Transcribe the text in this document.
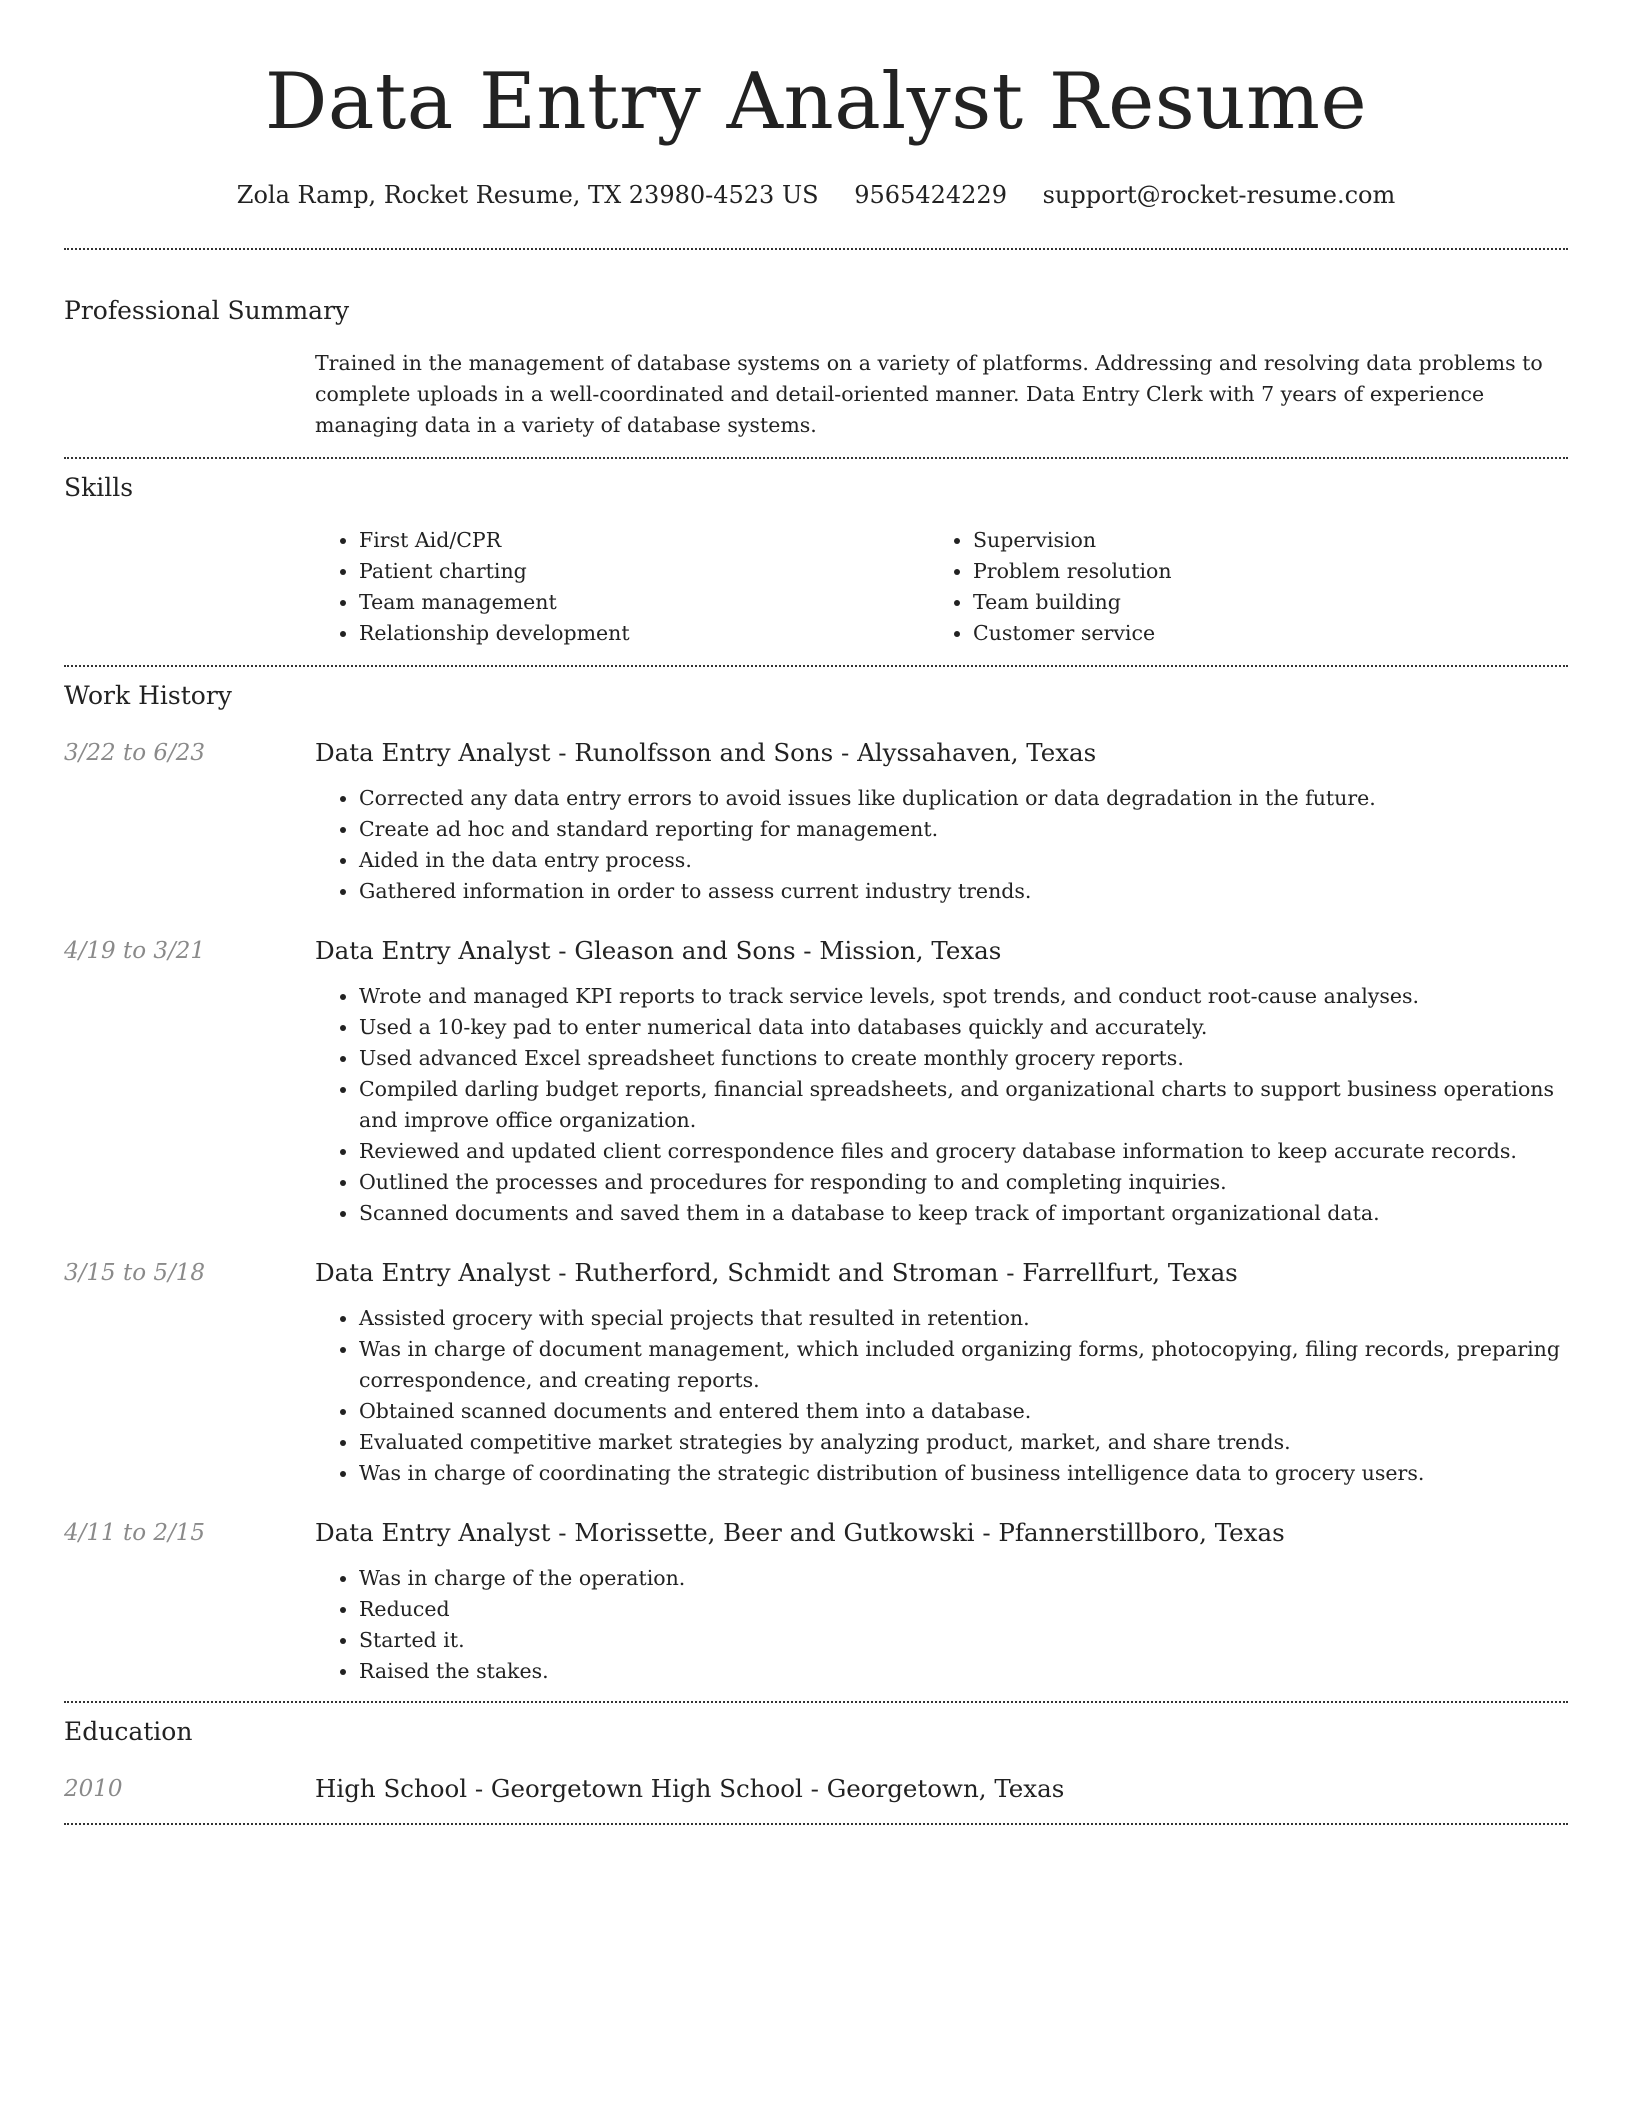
Data Entry Analyst Resume
Zola Ramp, Rocket Resume, TX 23980-4523 US 9565424229 support@rocket-resume.com
Professional Summary

Trained in the management of database systems on a variety of platforms. Addressing and resolving data problems to complete uploads in a well-coordinated and detail-oriented manner. Data Entry Clerk with 7 years of experience managing data in a variety of database systems.

Skills
• First Aid/CPR
• Patient charting
• Team management
• Relationship development
• Supervision
• Problem resolution
• Team building
• Customer service
Work History
3/22 to 6/23	Data Entry Analyst - Runolfsson and Sons - Alyssahaven, Texas
• Corrected any data entry errors to avoid issues like duplication or data degradation in the future.
• Create ad hoc and standard reporting for management.
• Aided in the data entry process.
• Gathered information in order to assess current industry trends.
4/19 to 3/21	Data Entry Analyst - Gleason and Sons - Mission, Texas
• Wrote and managed KPI reports to track service levels, spot trends, and conduct root-cause analyses.
• Used a 10-key pad to enter numerical data into databases quickly and accurately.
• Used advanced Excel spreadsheet functions to create monthly grocery reports.
• Compiled darling budget reports, financial spreadsheets, and organizational charts to support business operations and improve office organization.
• Reviewed and updated client correspondence files and grocery database information to keep accurate records.
• Outlined the processes and procedures for responding to and completing inquiries.
• Scanned documents and saved them in a database to keep track of important organizational data.
3/15 to 5/18	Data Entry Analyst - Rutherford, Schmidt and Stroman - Farrellfurt, Texas
• Assisted grocery with special projects that resulted in retention.
• Was in charge of document management, which included organizing forms, photocopying, filing records, preparing correspondence, and creating reports.
• Obtained scanned documents and entered them into a database.
• Evaluated competitive market strategies by analyzing product, market, and share trends.
• Was in charge of coordinating the strategic distribution of business intelligence data to grocery users.
4/11 to 2/15	Data Entry Analyst - Morissette, Beer and Gutkowski - Pfannerstillboro, Texas
• Was in charge of the operation.
• Reduced
• Started it.
• Raised the stakes.
Education
2010	High School - Georgetown High School - Georgetown, Texas
